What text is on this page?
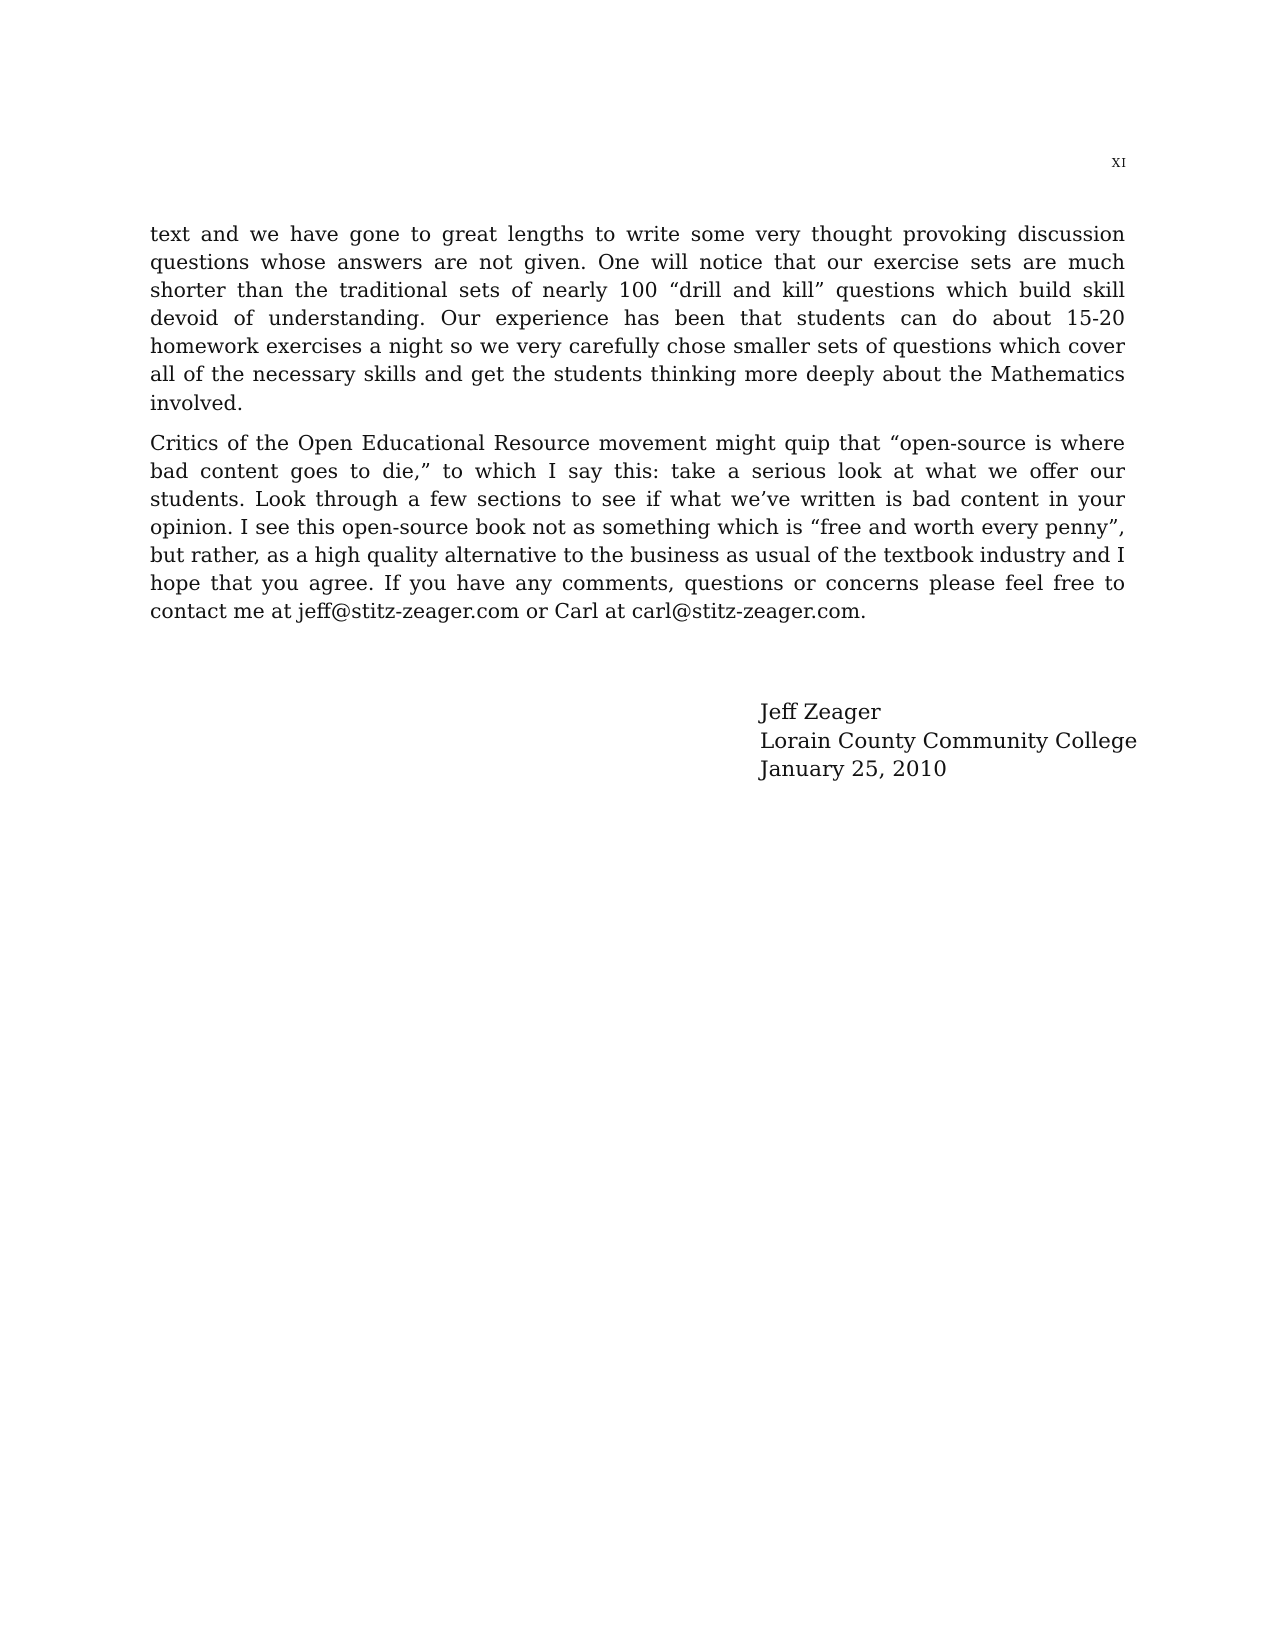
xi

text and we have gone to great lengths to write some very thought provoking discussion questions whose answers are not given. One will notice that our exercise sets are much shorter than the traditional sets of nearly 100 “drill and kill” questions which build skill devoid of understanding. Our experience has been that students can do about 15-20 homework exercises a night so we very carefully chose smaller sets of questions which cover all of the necessary skills and get the students thinking more deeply about the Mathematics involved.

Critics of the Open Educational Resource movement might quip that “open-source is where bad content goes to die,” to which I say this: take a serious look at what we offer our students. Look through a few sections to see if what we’ve written is bad content in your opinion. I see this open-source book not as something which is “free and worth every penny”, but rather, as a high quality alternative to the business as usual of the textbook industry and I hope that you agree. If you have any comments, questions or concerns please feel free to contact me at jeff@stitz-zeager.com or Carl at carl@stitz-zeager.com.

Jeff Zeager
Lorain County Community College
January 25, 2010
